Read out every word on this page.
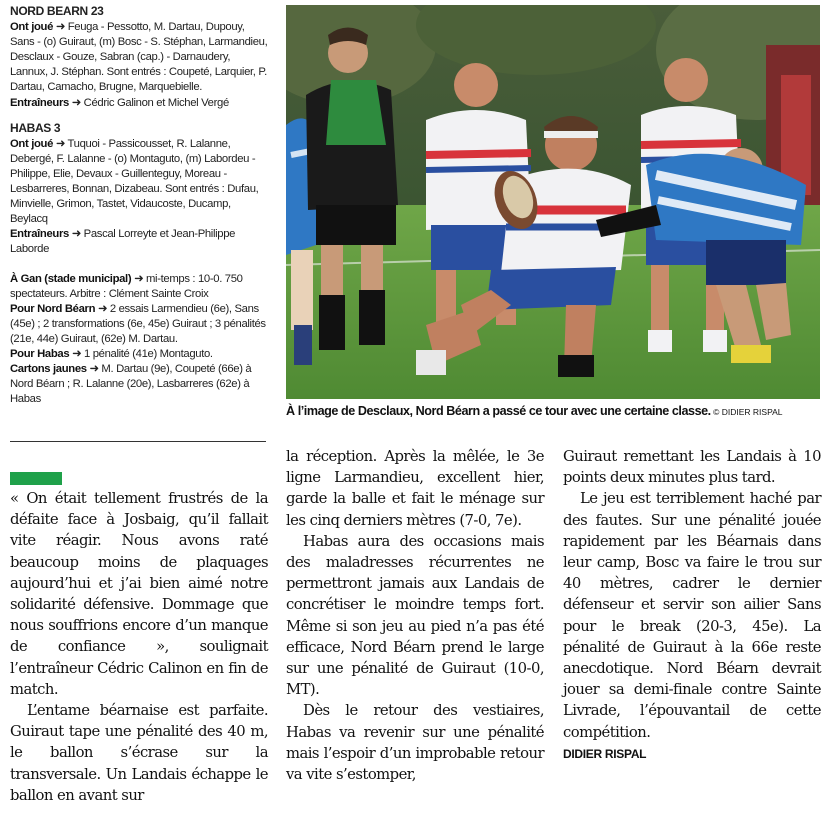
NORD BEARN 23

Ont joué ➜ Feuga - Pessotto, M. Dartau, Dupouy, Sans - (o) Guiraut, (m) Bosc - S. Stéphan, Larmandieu, Desclaux - Gouze, Sabran (cap.) - Darnaudery, Lannux, J. Stéphan. Sont entrés : Coupeté, Larquier, P. Dartau, Camacho, Brugne, Marquebielle.

Entraîneurs ➜ Cédric Galinon et Michel Vergé

HABAS 3

Ont joué ➜ Tuquoi - Passicousset, R. Lalanne, Debergé, F. Lalanne - (o) Montaguto, (m) Labordeu - Philippe, Elie, Devaux - Guillenteguy, Moreau - Lesbarreres, Bonnan, Dizabeau. Sont entrés : Dufau, Minvielle, Grimon, Tastet, Vidaucoste, Ducamp, Beylacq

Entraîneurs ➜ Pascal Lorreyte et Jean-Philippe Laborde

À Gan (stade municipal) ➜ mi-temps : 10-0. 750 spectateurs. Arbitre : Clément Sainte Croix

Pour Nord Béarn ➜ 2 essais Larmendieu (6e), Sans (45e) ; 2 transformations (6e, 45e) Guiraut ; 3 pénalités (21e, 44e) Guiraut, (62e) M. Dartau.

Pour Habas ➜ 1 pénalité (41e) Montaguto.

Cartons jaunes ➜ M. Dartau (9e), Coupeté (66e) à Nord Béarn ; R. Lalanne (20e), Lasbarreres (62e) à Habas

À l’image de Desclaux, Nord Béarn a passé ce tour avec une certaine classe. © DIDIER RISPAL

« On était tellement frustrés de la défaite face à Josbaig, qu’il fallait vite réagir. Nous avons raté beaucoup moins de plaquages aujourd’hui et j’ai bien aimé notre solidarité défensive. Dommage que nous souffrions encore d’un manque de confiance », soulignait l’entraîneur Cédric Calinon en fin de match.

L’entame béarnaise est parfaite. Guiraut tape une pénalité des 40 m, le ballon s’écrase sur la transversale. Un Landais échappe le ballon en avant sur

la réception. Après la mêlée, le 3e ligne Larmandieu, excellent hier, garde la balle et fait le ménage sur les cinq derniers mètres (7-0, 7e).

Habas aura des occasions mais des maladresses récurrentes ne permettront jamais aux Landais de concrétiser le moindre temps fort. Même si son jeu au pied n’a pas été efficace, Nord Béarn prend le large sur une pénalité de Guiraut (10-0, MT).

Dès le retour des vestiaires, Habas va revenir sur une pénalité mais l’espoir d’un improbable retour va vite s’estomper,

Guiraut remettant les Landais à 10 points deux minutes plus tard.

Le jeu est terriblement haché par des fautes. Sur une pénalité jouée rapidement par les Béarnais dans leur camp, Bosc va faire le trou sur 40 mètres, cadrer le dernier défenseur et servir son ailier Sans pour le break (20-3, 45e). La pénalité de Guiraut à la 66e reste anecdotique. Nord Béarn devrait jouer sa demi-finale contre Sainte Livrade, l’épouvantail de cette compétition.

DIDIER RISPAL
